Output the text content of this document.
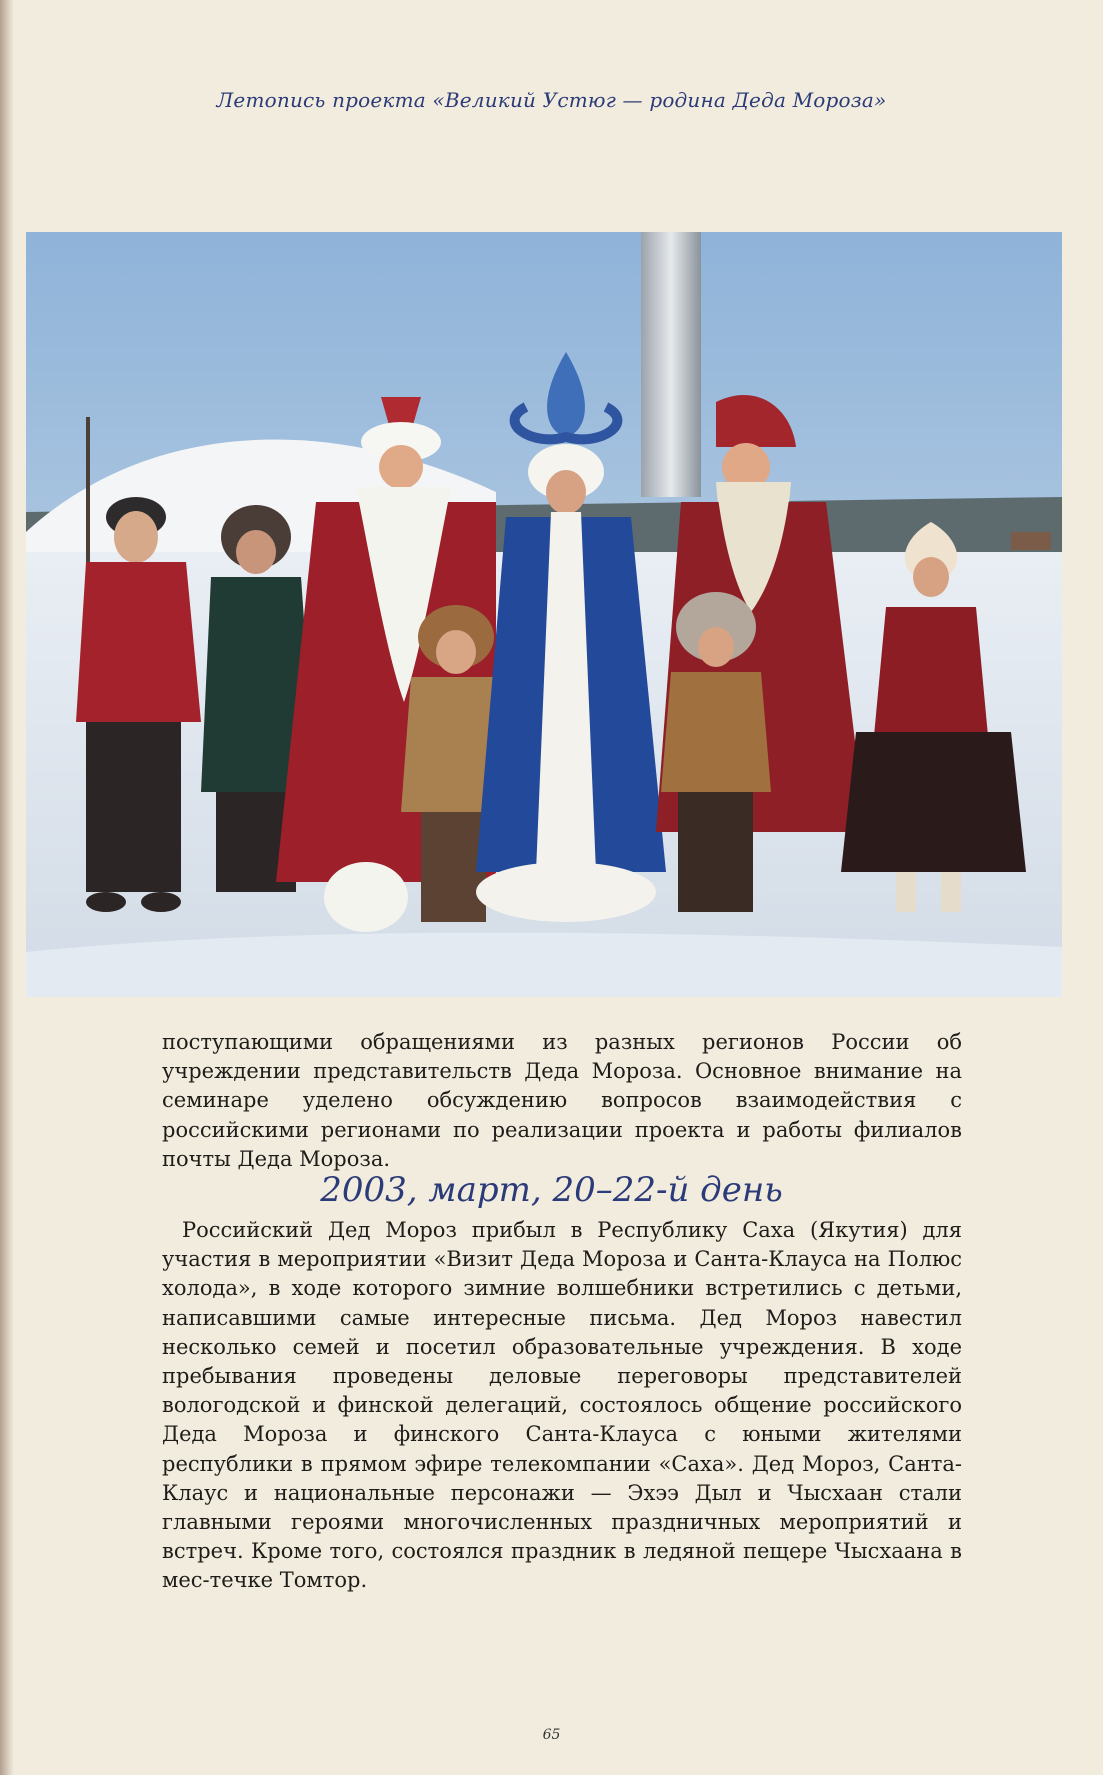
Летопись проекта «Великий Устюг — родина Деда Мороза»

поступающими обращениями из разных регионов России об учреждении представительств Деда Мороза. Основное внимание на семинаре уделено обсуждению вопросов взаимодействия с российскими регионами по реализации проекта и работы филиалов почты Деда Мороза.

2003, март, 20–22-й день

Российский Дед Мороз прибыл в Республику Саха (Якутия) для участия в мероприятии «Визит Деда Мороза и Санта-Клауса на Полюс холода», в ходе которого зимние волшебники встретились с детьми, написавшими самые интересные письма. Дед Мороз навестил несколько семей и посетил образовательные учреждения. В ходе пребывания проведены деловые переговоры представителей вологодской и финской делегаций, состоялось общение российского Деда Мороза и финского Санта-Клауса с юными жителями республики в прямом эфире телекомпании «Саха». Дед Мороз, Санта-Клаус и национальные персонажи — Эхээ Дыл и Чысхаан стали главными героями многочисленных праздничных мероприятий и встреч. Кроме того, состоялся праздник в ледяной пещере Чысхаана в мес-течке Томтор.

65
